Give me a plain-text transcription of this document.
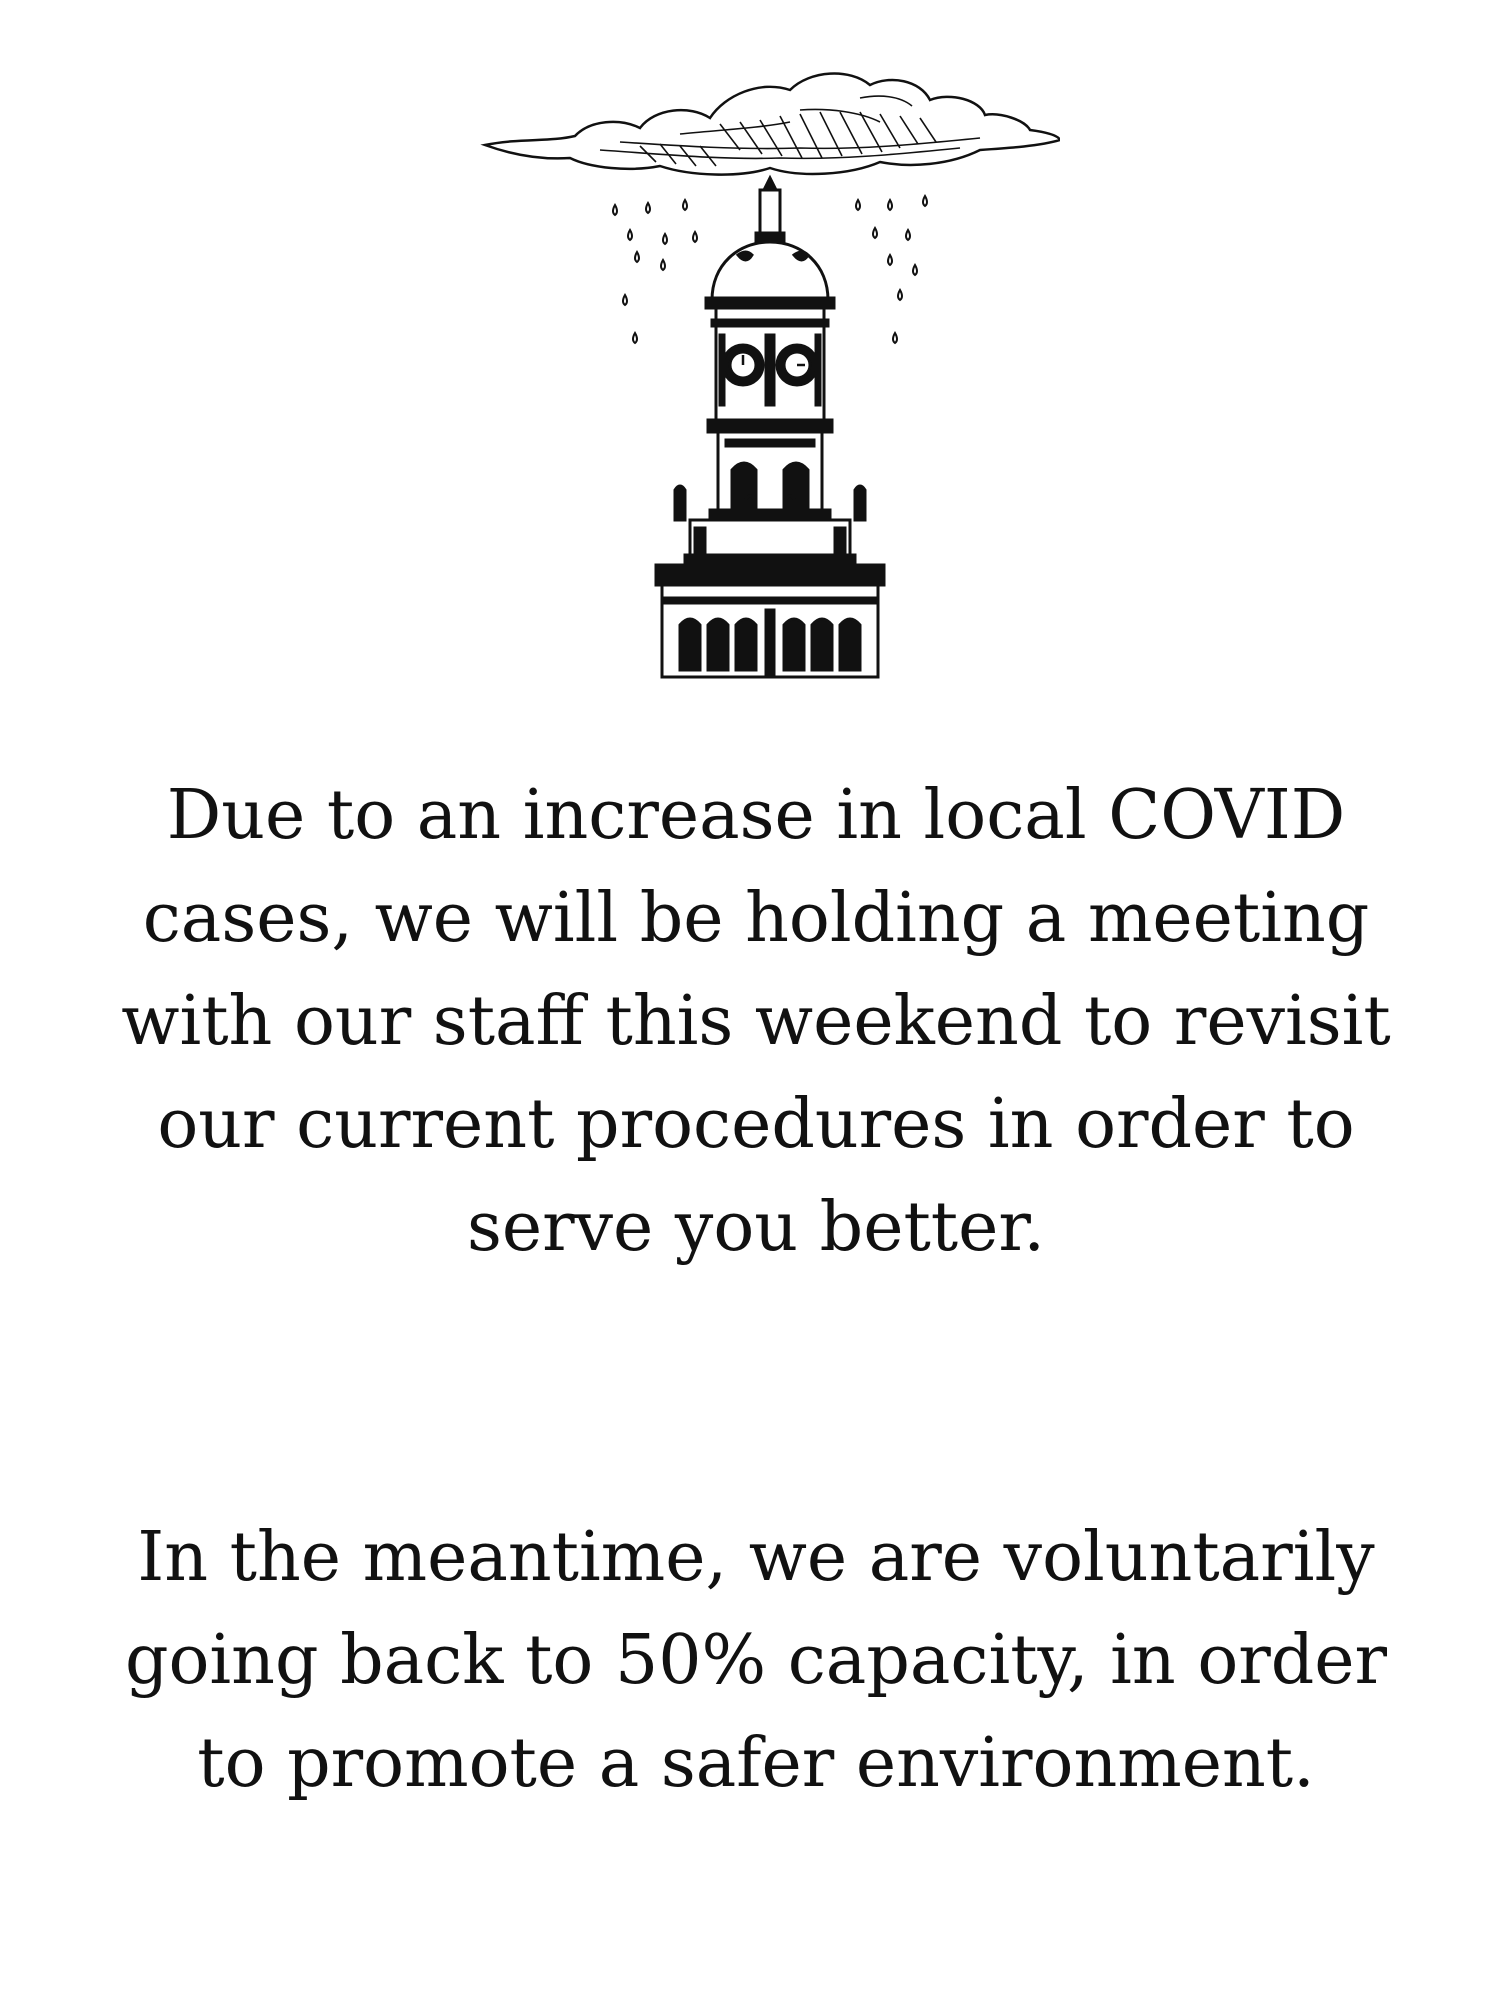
Due to an increase in local COVID cases, we will be holding a meeting with our staff this weekend to revisit our current procedures in order to serve you better.

In the meantime, we are voluntarily going back to 50% capacity, in order to promote a safer environment.
